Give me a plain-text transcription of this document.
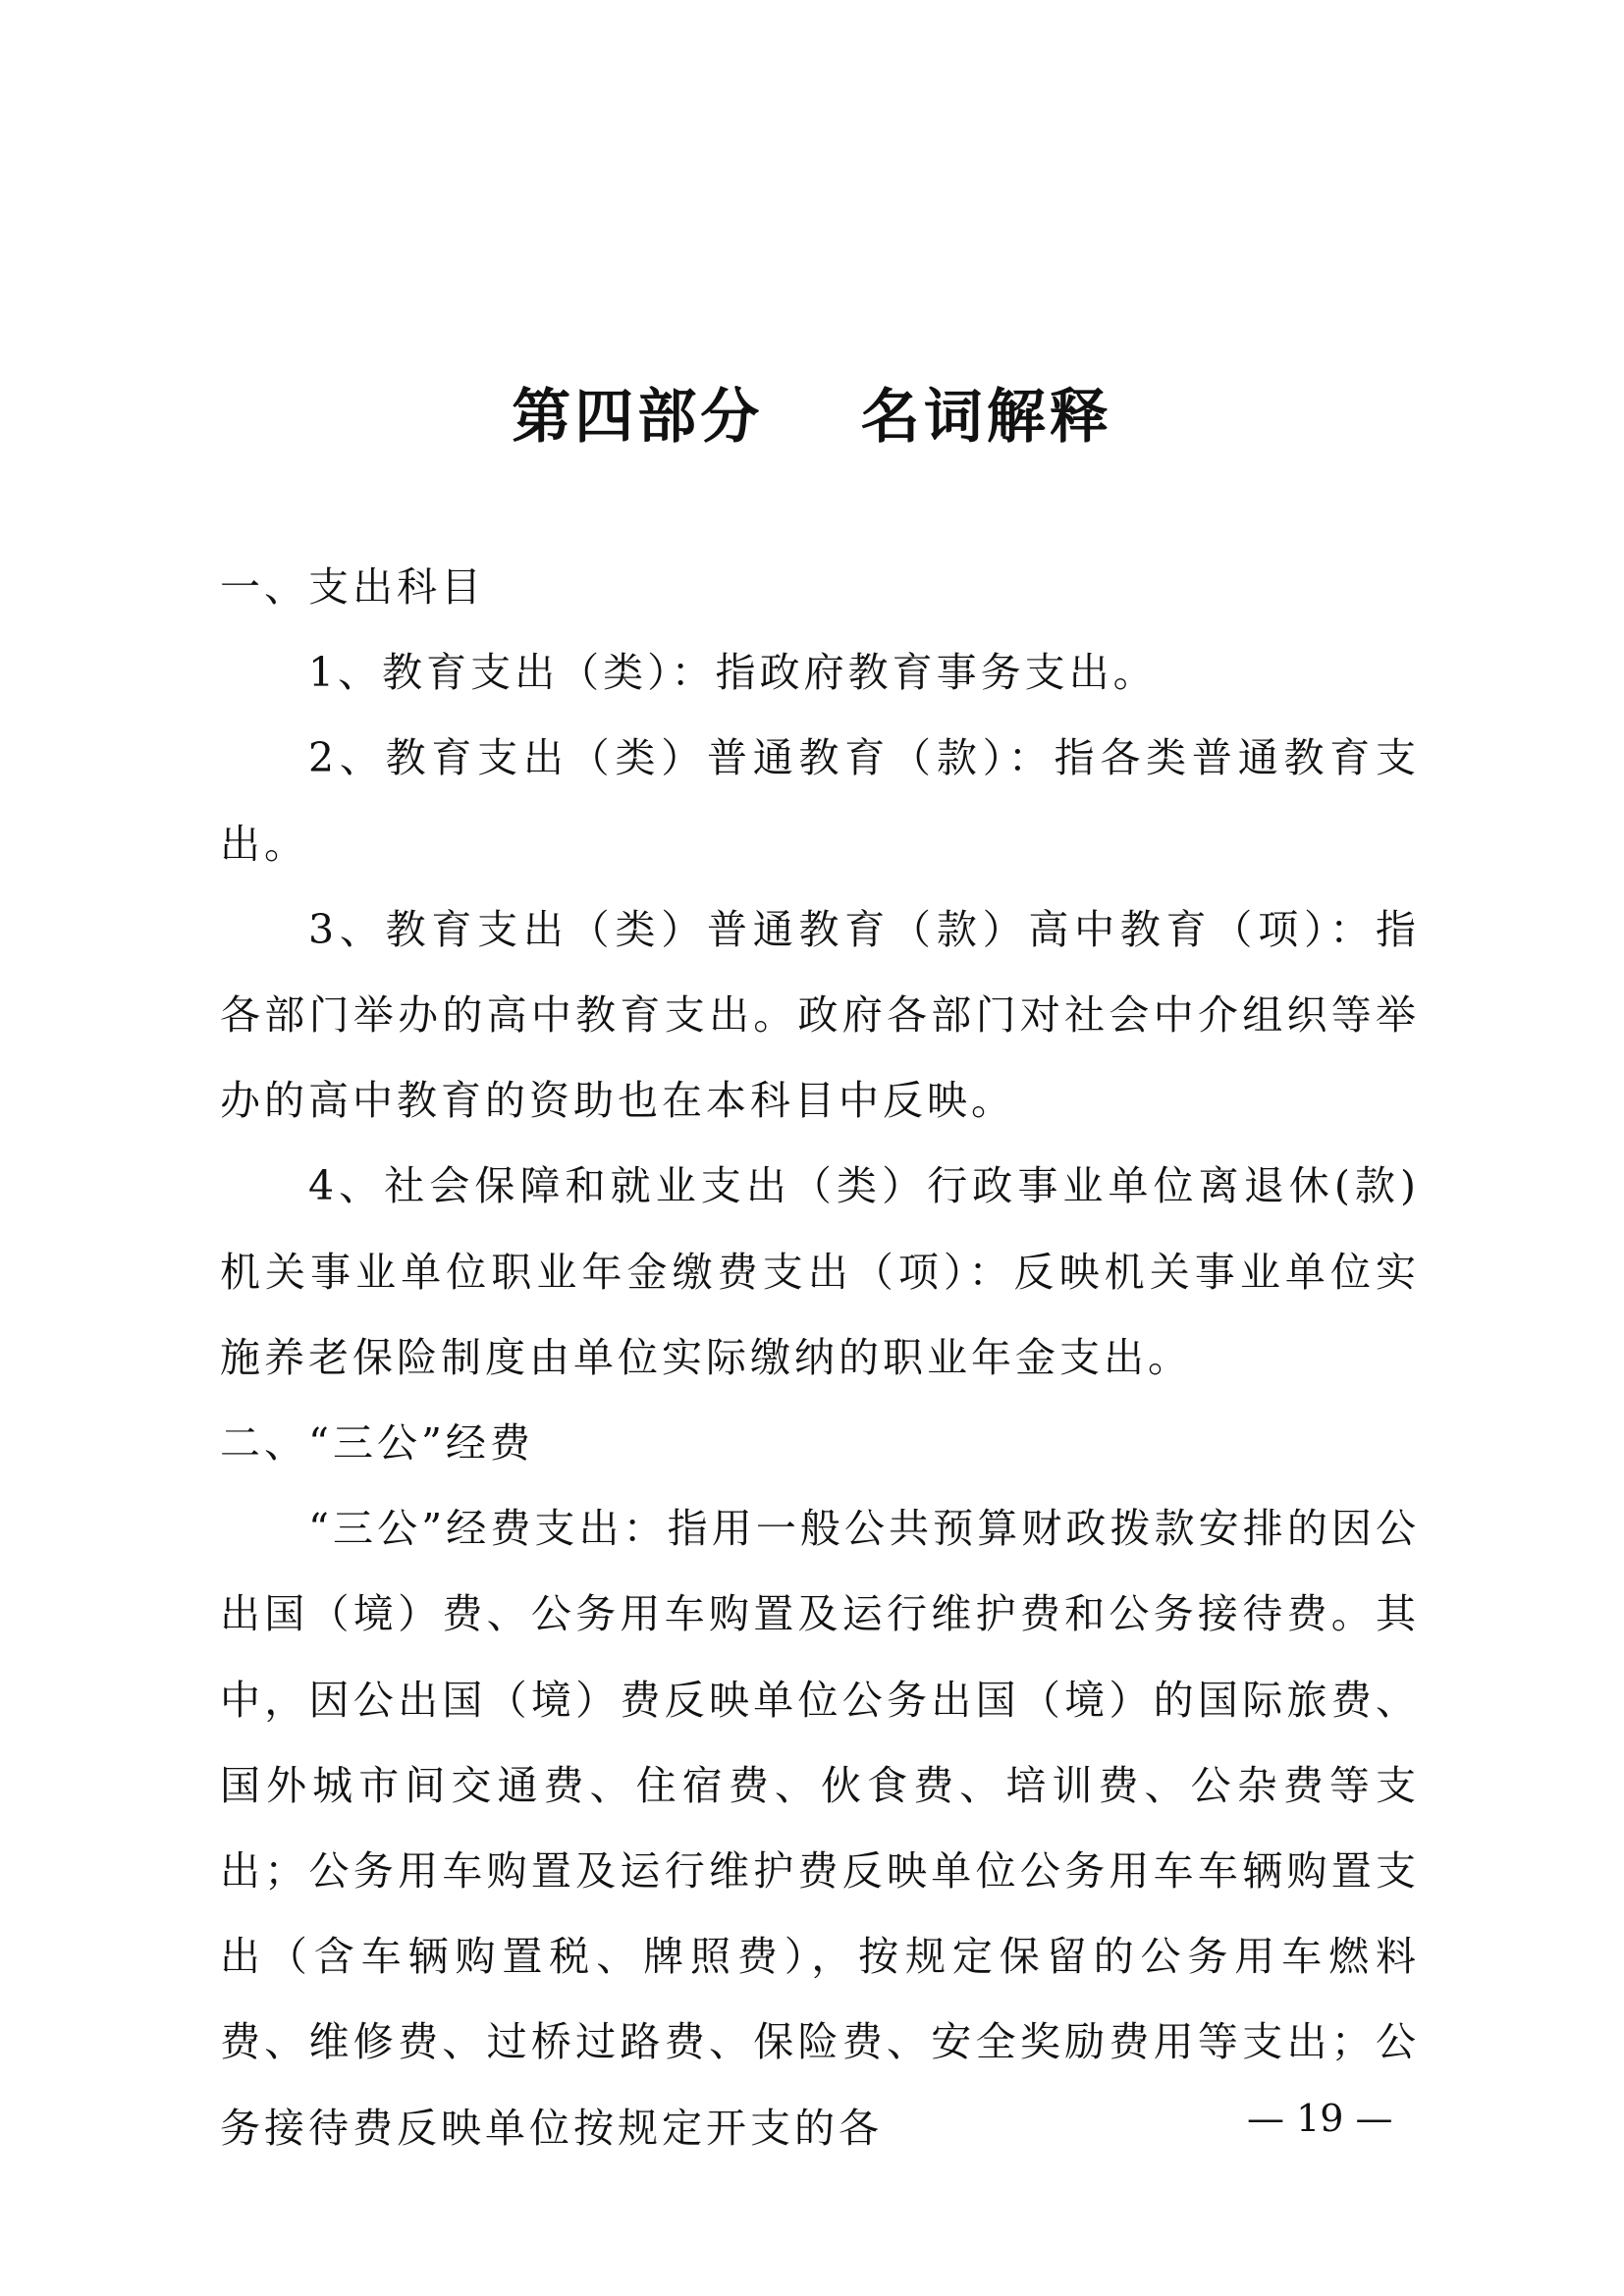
第四部分    名词解释

一、支出科目

1、教育支出（类）：指政府教育事务支出。

2、教育支出（类）普通教育（款）：指各类普通教育支出。

3、教育支出（类）普通教育（款）高中教育（项）：指各部门举办的高中教育支出。政府各部门对社会中介组织等举办的高中教育的资助也在本科目中反映。

4、社会保障和就业支出（类）行政事业单位离退休(款)机关事业单位职业年金缴费支出（项）：反映机关事业单位实施养老保险制度由单位实际缴纳的职业年金支出。

二、“三公”经费

“三公”经费支出：指用一般公共预算财政拨款安排的因公出国（境）费、公务用车购置及运行维护费和公务接待费。其中，因公出国（境）费反映单位公务出国（境）的国际旅费、国外城市间交通费、住宿费、伙食费、培训费、公杂费等支出；公务用车购置及运行维护费反映单位公务用车车辆购置支出（含车辆购置税、牌照费），按规定保留的公务用车燃料费、维修费、过桥过路费、保险费、安全奖励费用等支出；公务接待费反映单位按规定开支的各	— 19 —
